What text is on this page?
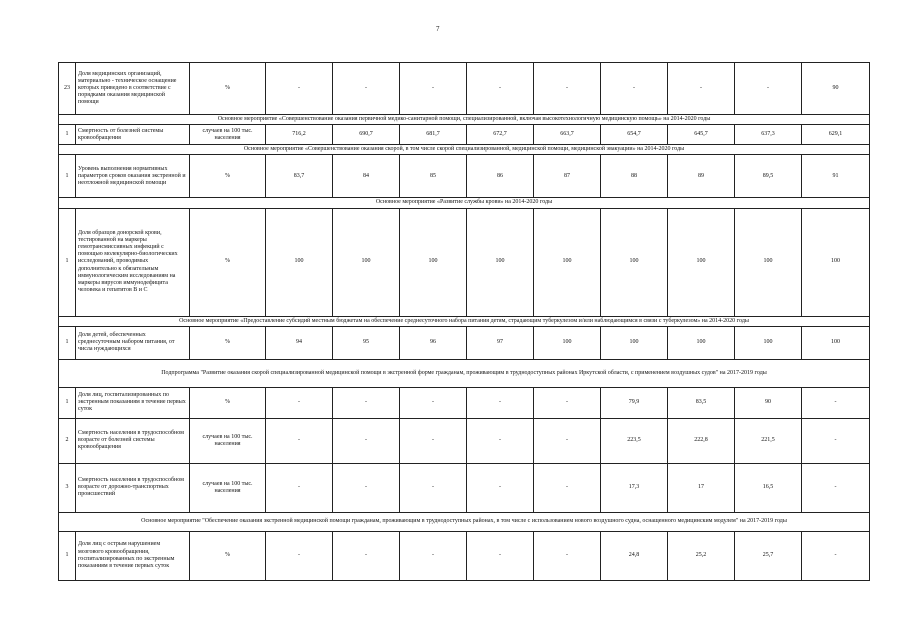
7
23	Доля медицинских организаций, материально - техническое оснащение которых приведено в соответствие с порядками оказания медицинской помощи	%	-	-	-	-	-	-	-	-	90
Основное мероприятие «Совершенствование оказания первичной медико-санитарной помощи, специализированной, включая высокотехнологичную медицинскую помощь» на 2014-2020 годы											
1	Смертность от болезней системы кровообращения	случаев на 100 тыс. населения	716,2	690,7	681,7	672,7	663,7	654,7	645,7	637,3	629,1
Основное мероприятие «Совершенствование оказания скорой, в том числе скорой специализированной, медицинской помощи, медицинской эвакуации» на 2014-2020 годы											
1	Уровень выполнения нормативных параметров сроков оказания экстренной и неотложной медицинской помощи	%	83,7	84	85	86	87	88	89	89,5	91
Основное мероприятие «Развитие службы крови» на 2014-2020 годы											
1	Доля образцов донорской крови, тестированной на маркеры гемотрансмиссивных инфекций с помощью молекулярно-биологических исследований, проводимых дополнительно к обязательным иммунологическим исследованиям на маркеры вирусов иммунодефицита человека и гепатитов В и С	%	100	100	100	100	100	100	100	100	100
Основное мероприятие «Предоставление субсидий местным бюджетам на обеспечение среднесуточного набора питания детям, страдающим туберкулезом и/или наблюдающимся в связи с туберкулезом» на 2014-2020 годы											
1	Доля детей, обеспеченных среднесуточным набором питания, от числа нуждающихся	%	94	95	96	97	100	100	100	100	100
Подпрограмма "Развитие оказания скорой специализированной медицинской помощи в экстренной форме гражданам, проживающим в труднодоступных районах Иркутской области, с применением воздушных судов" на 2017-2019 годы											
1	Доля лиц, госпитализированных по экстренным показаниям в течение первых суток	%	-	-	-	-	-	79,9	83,5	90	-
2	Смертность населения в трудоспособном возрасте от болезней системы кровообращения	случаев на 100 тыс. населения	-	-	-	-	-	223,5	222,8	221,5	-
3	Смертность населения в трудоспособном возрасте от дорожно-транспортных происшествий	случаев на 100 тыс. населения	-	-	-	-	-	17,3	17	16,5	-
Основное мероприятие "Обеспечение оказания экстренной медицинской помощи гражданам, проживающим в труднодоступных районах, в том числе с использованием нового воздушного судна, оснащенного медицинским модулем" на 2017-2019 годы											
1	Доля лиц с острым нарушением мозгового кровообращения, госпитализированных по экстренным показаниям в течение первых суток	%	-	-	-	-	-	24,8	25,2	25,7	-
